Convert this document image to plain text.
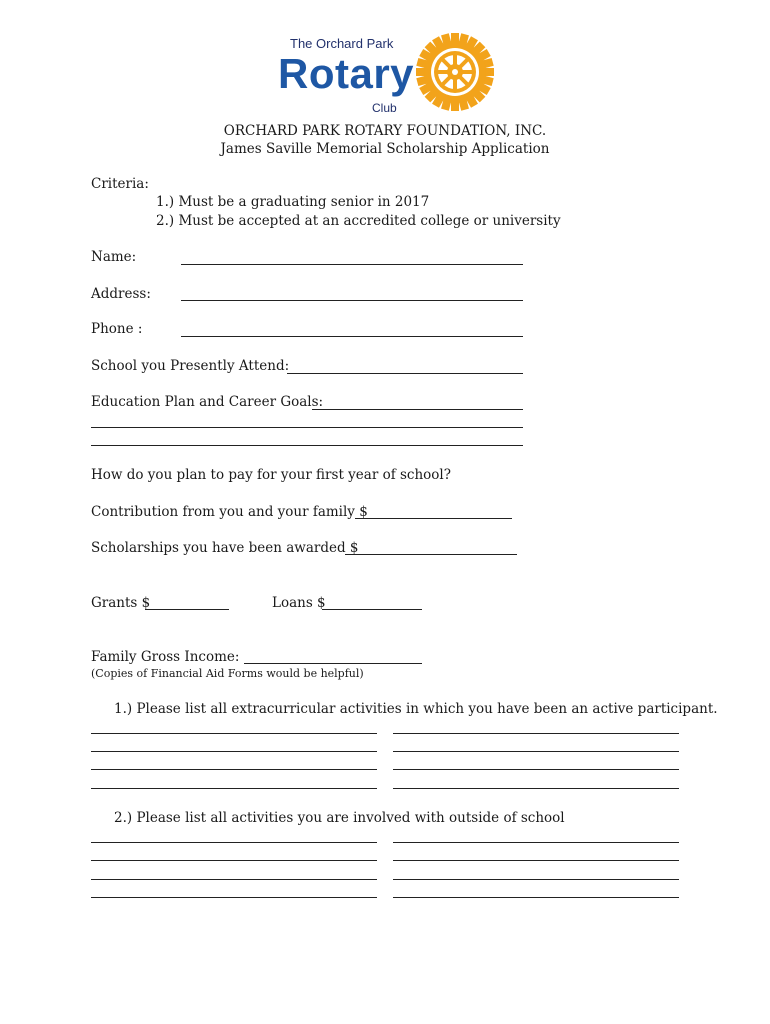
The Orchard Park
Rotary
Club
ORCHARD PARK ROTARY FOUNDATION, INC.
James Saville Memorial Scholarship Application
Criteria:
1.) Must be a graduating senior in 2017
2.) Must be accepted at an accredited college or university
Name:
Address:
Phone :
School you Presently Attend:
Education Plan and Career Goals:
How do you plan to pay for your first year of school?
Contribution from you and your family $
Scholarships you have been awarded $
Grants $	Loans $
Family Gross Income:
(Copies of Financial Aid Forms would be helpful)
1.) Please list all extracurricular activities in which you have been an active participant.
2.) Please list all activities you are involved with outside of school
